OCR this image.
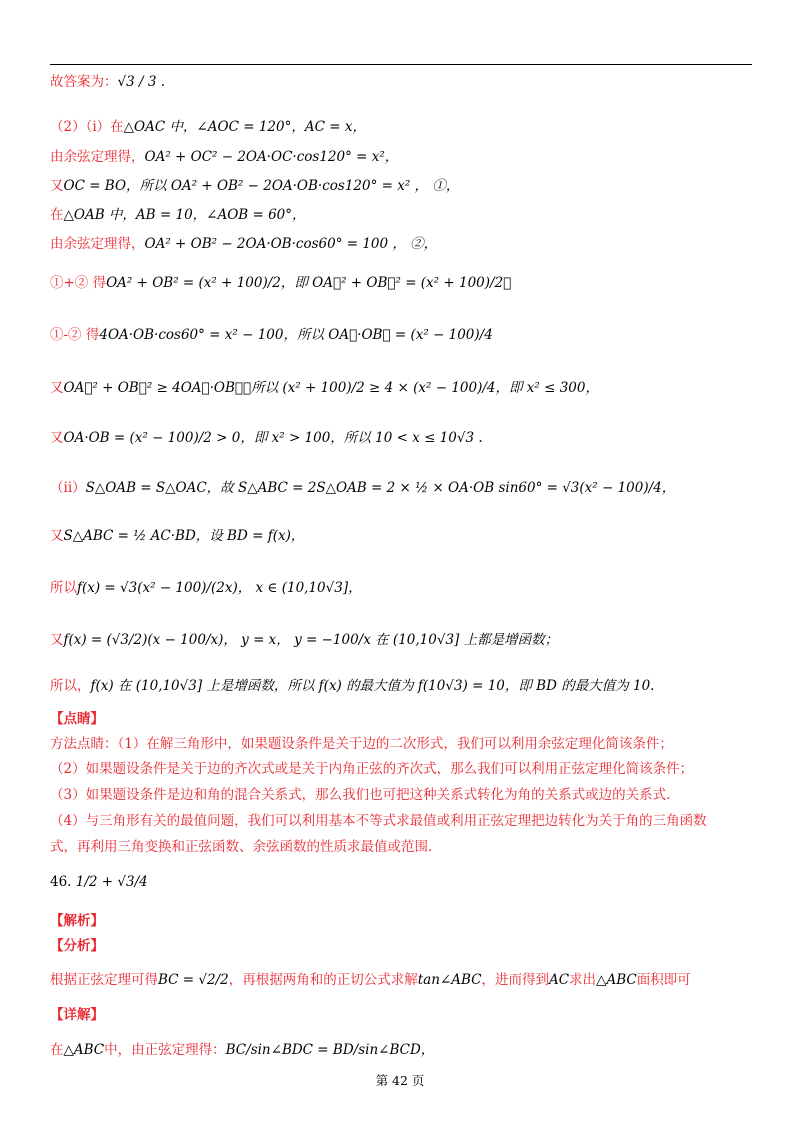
故答案为：√3 / 3 .
（2）（i）在△OAC 中，∠AOC = 120°，AC = x，
由余弦定理得，OA² + OC² − 2OA·OC·cos120° = x²，
又OC = BO，所以 OA² + OB² − 2OA·OB·cos120° = x² ， ①，
在△OAB 中，AB = 10，∠AOB = 60°，
由余弦定理得，OA² + OB² − 2OA·OB·cos60° = 100 ， ②，
①+② 得OA² + OB² = (x² + 100)/2，即 OA⃗² + OB⃗² = (x² + 100)/2，
①-② 得4OA·OB·cos60° = x² − 100，所以 OA⃗·OB⃗ = (x² − 100)/4
又OA⃗² + OB⃗² ≥ 4OA⃗·OB⃗，所以 (x² + 100)/2 ≥ 4 × (x² − 100)/4，即 x² ≤ 300，
又OA·OB = (x² − 100)/2 > 0，即 x² > 100，所以 10 < x ≤ 10√3 .
（ii）S△OAB = S△OAC，故 S△ABC = 2S△OAB = 2 × ½ × OA·OB sin60° = √3(x² − 100)/4，
又S△ABC = ½ AC·BD，设 BD = f(x)，
所以f(x) = √3(x² − 100)/(2x)， x ∈ (10,10√3]，
又f(x) = (√3/2)(x − 100/x)， y = x， y = −100/x 在 (10,10√3] 上都是增函数；
所以，f(x) 在 (10,10√3] 上是增函数，所以 f(x) 的最大值为 f(10√3) = 10，即 BD 的最大值为 10.
【点睛】
方法点睛：（1）在解三角形中，如果题设条件是关于边的二次形式，我们可以利用余弦定理化简该条件；
（2）如果题设条件是关于边的齐次式或是关于内角正弦的齐次式，那么我们可以利用正弦定理化简该条件；
（3）如果题设条件是边和角的混合关系式，那么我们也可把这种关系式转化为角的关系式或边的关系式.
（4）与三角形有关的最值问题，我们可以利用基本不等式求最值或利用正弦定理把边转化为关于角的三角函数
式，再利用三角变换和正弦函数、余弦函数的性质求最值或范围.
46. 1/2 + √3/4
【解析】
【分析】
根据正弦定理可得BC = √2/2，再根据两角和的正切公式求解tan∠ABC，进而得到AC求出△ABC面积即可
【详解】
在△ABC中，由正弦定理得：BC/sin∠BDC = BD/sin∠BCD，
第 42 页
